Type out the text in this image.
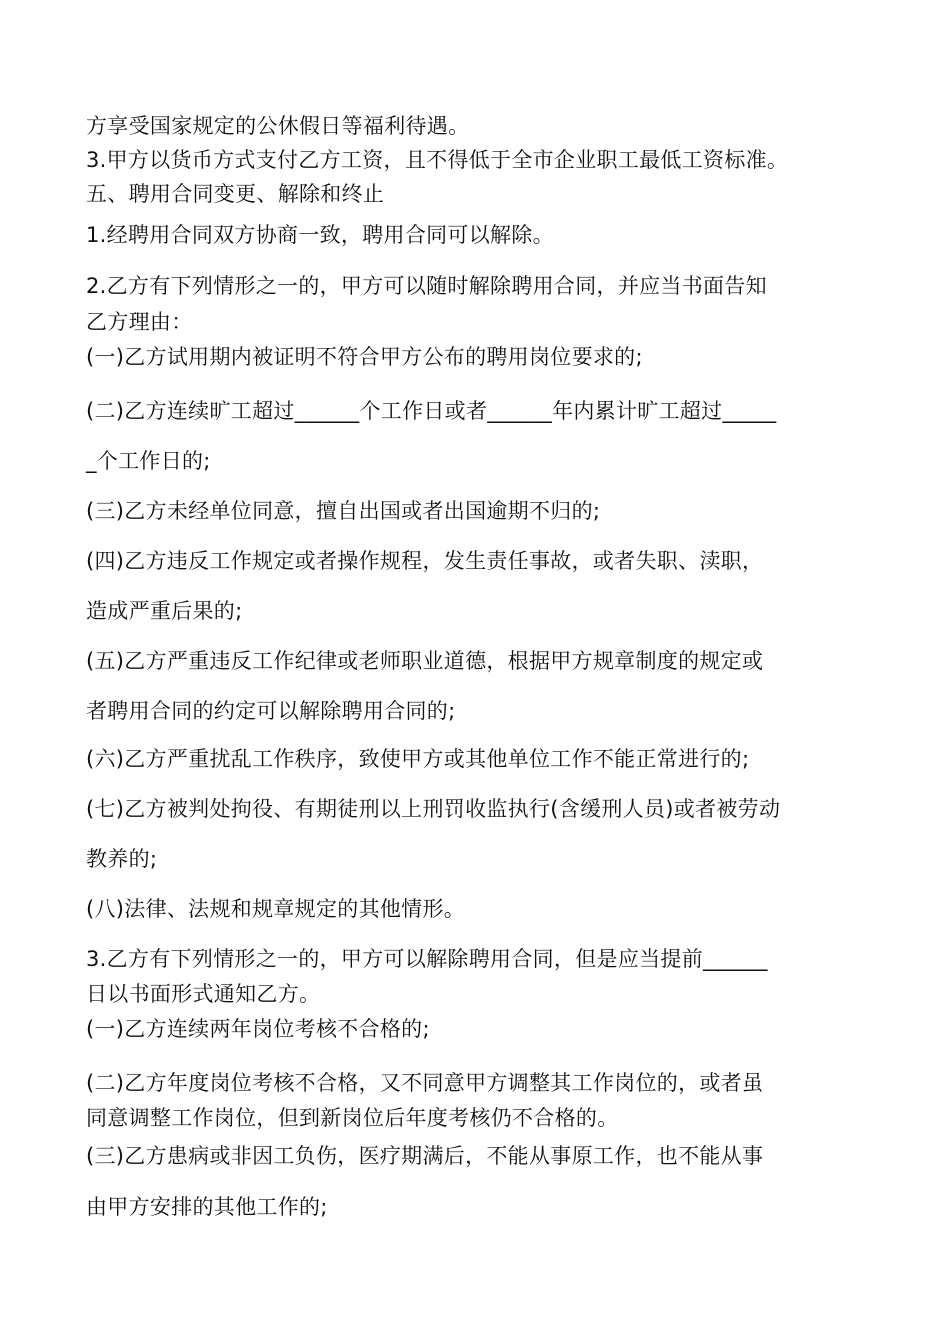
方享受国家规定的公休假日等福利待遇。
3.甲方以货币方式支付乙方工资，且不得低于全市企业职工最低工资标准。
五、聘用合同变更、解除和终止
1.经聘用合同双方协商一致，聘用合同可以解除。
2.乙方有下列情形之一的，甲方可以随时解除聘用合同，并应当书面告知
乙方理由：
(一)乙方试用期内被证明不符合甲方公布的聘用岗位要求的;
(二)乙方连续旷工超过______个工作日或者______年内累计旷工超过_____
_个工作日的;
(三)乙方未经单位同意，擅自出国或者出国逾期不归的;
(四)乙方违反工作规定或者操作规程，发生责任事故，或者失职、渎职，
造成严重后果的;
(五)乙方严重违反工作纪律或老师职业道德，根据甲方规章制度的规定或
者聘用合同的约定可以解除聘用合同的;
(六)乙方严重扰乱工作秩序，致使甲方或其他单位工作不能正常进行的;
(七)乙方被判处拘役、有期徒刑以上刑罚收监执行(含缓刑人员)或者被劳动
教养的;
(八)法律、法规和规章规定的其他情形。
3.乙方有下列情形之一的，甲方可以解除聘用合同，但是应当提前______
日以书面形式通知乙方。
(一)乙方连续两年岗位考核不合格的;
(二)乙方年度岗位考核不合格，又不同意甲方调整其工作岗位的，或者虽
同意调整工作岗位，但到新岗位后年度考核仍不合格的。
(三)乙方患病或非因工负伤，医疗期满后，不能从事原工作，也不能从事
由甲方安排的其他工作的;
